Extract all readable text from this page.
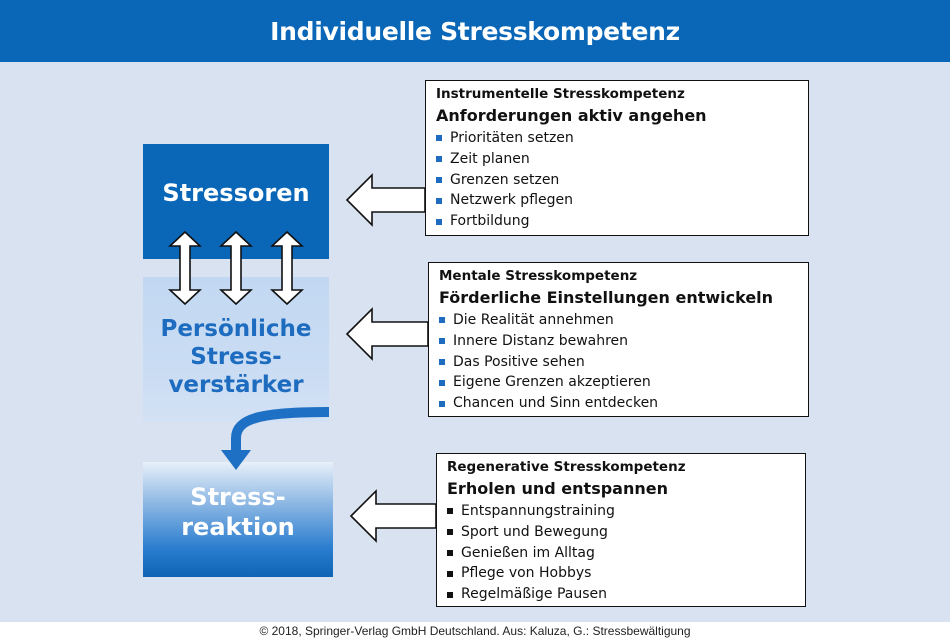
Individuelle Stresskompetenz
Stressoren
Persönliche
Stress-
verstärker
Stress-
reaktion
Instrumentelle Stresskompetenz
Anforderungen aktiv angehen
Prioritäten setzen
Zeit planen
Grenzen setzen
Netzwerk pflegen
Fortbildung
Mentale Stresskompetenz
Förderliche Einstellungen entwickeln
Die Realität annehmen
Innere Distanz bewahren
Das Positive sehen
Eigene Grenzen akzeptieren
Chancen und Sinn entdecken
Regenerative Stresskompetenz
Erholen und entspannen
Entspannungstraining
Sport und Bewegung
Genießen im Alltag
Pflege von Hobbys
Regelmäßige Pausen
© 2018, Springer-Verlag GmbH Deutschland. Aus: Kaluza, G.: Stressbewältigung
